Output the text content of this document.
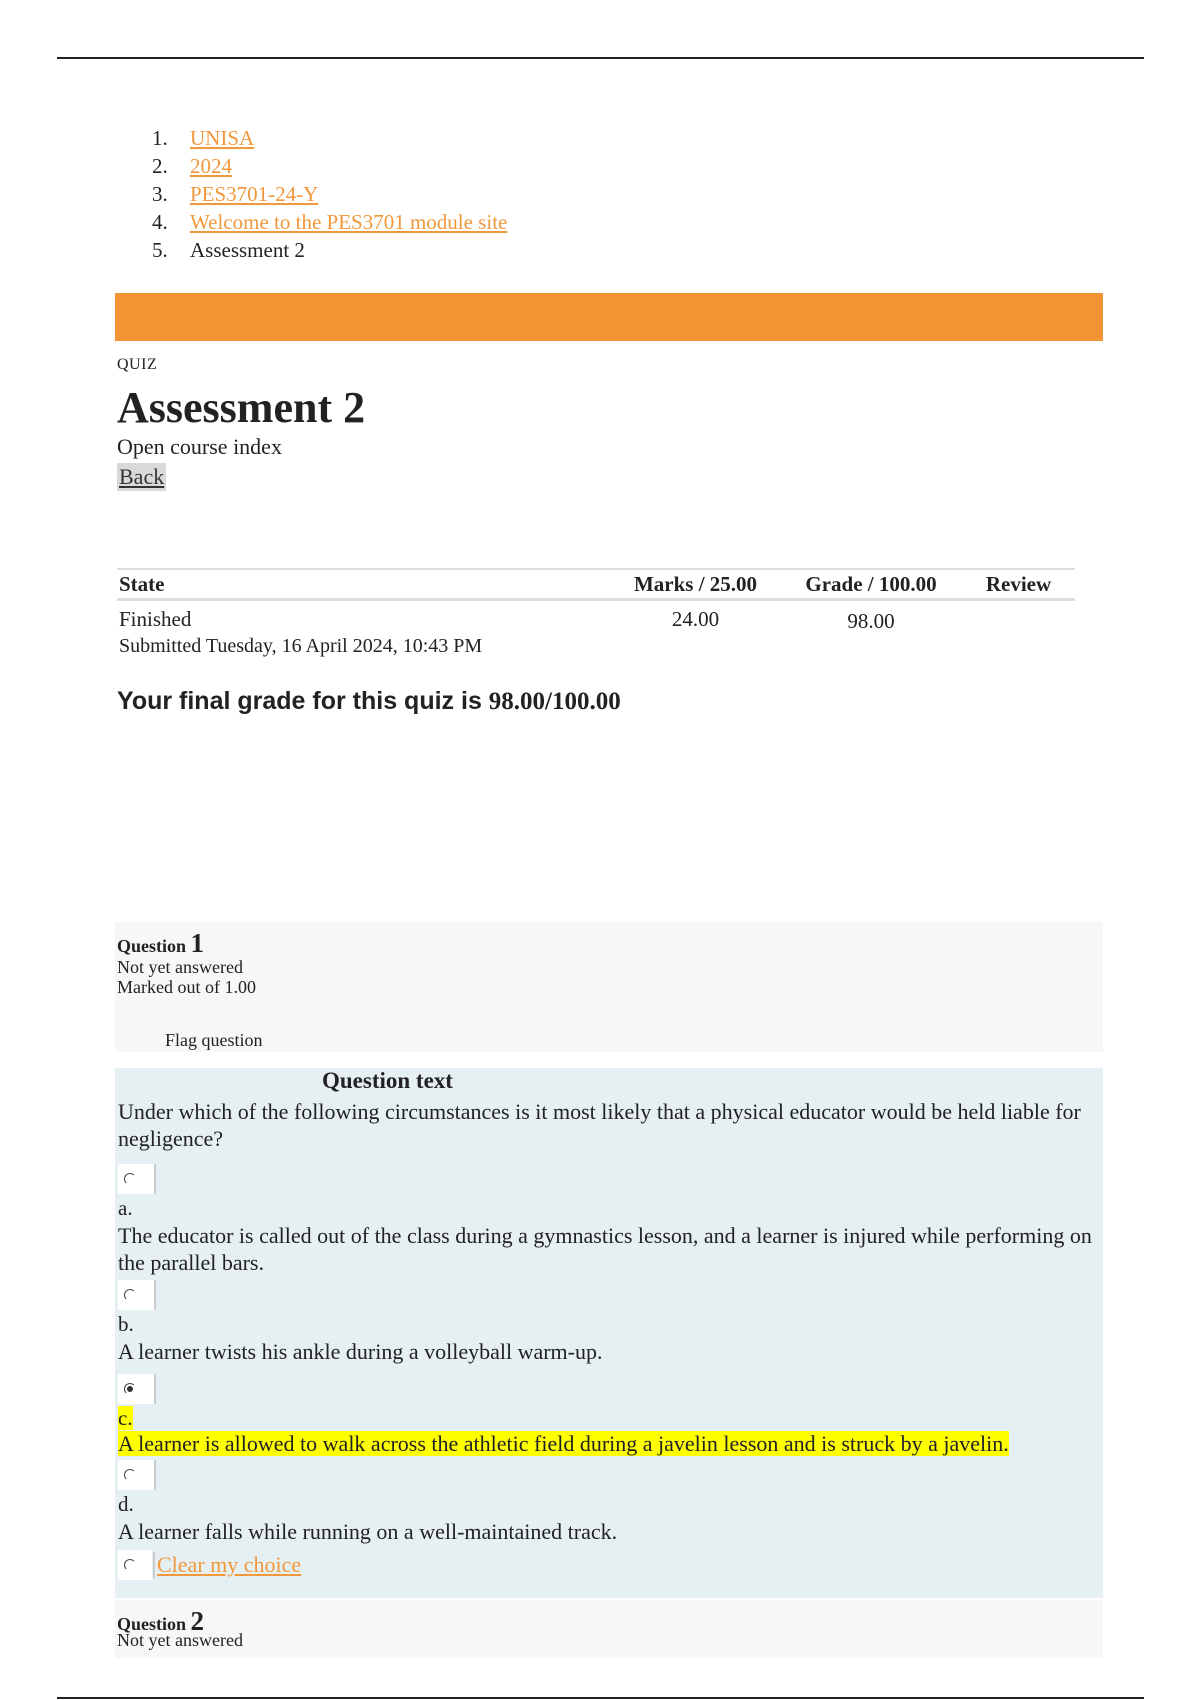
1.	UNISA
2.	2024
3.	PES3701-24-Y
4.	Welcome to the PES3701 module site
5.	Assessment 2
QUIZ
Assessment 2
Open course index
Back
State	Marks / 25.00	Grade / 100.00	Review
Finished
Submitted Tuesday, 16 April 2024, 10:43 PM	24.00	98.00	
Your final grade for this quiz is 98.00/100.00
Question 1
Not yet answered
Marked out of 1.00
Flag question
Question text

Under which of the following circumstances is it most likely that a physical educator would be held liable for negligence?

a.

The educator is called out of the class during a gymnastics lesson, and a learner is injured while performing on the parallel bars.

b.

A learner twists his ankle during a volleyball warm-up.

c.

A learner is allowed to walk across the athletic field during a javelin lesson and is struck by a javelin.

d.

A learner falls while running on a well-maintained track.

Clear my choice
Question 2
Not yet answered
